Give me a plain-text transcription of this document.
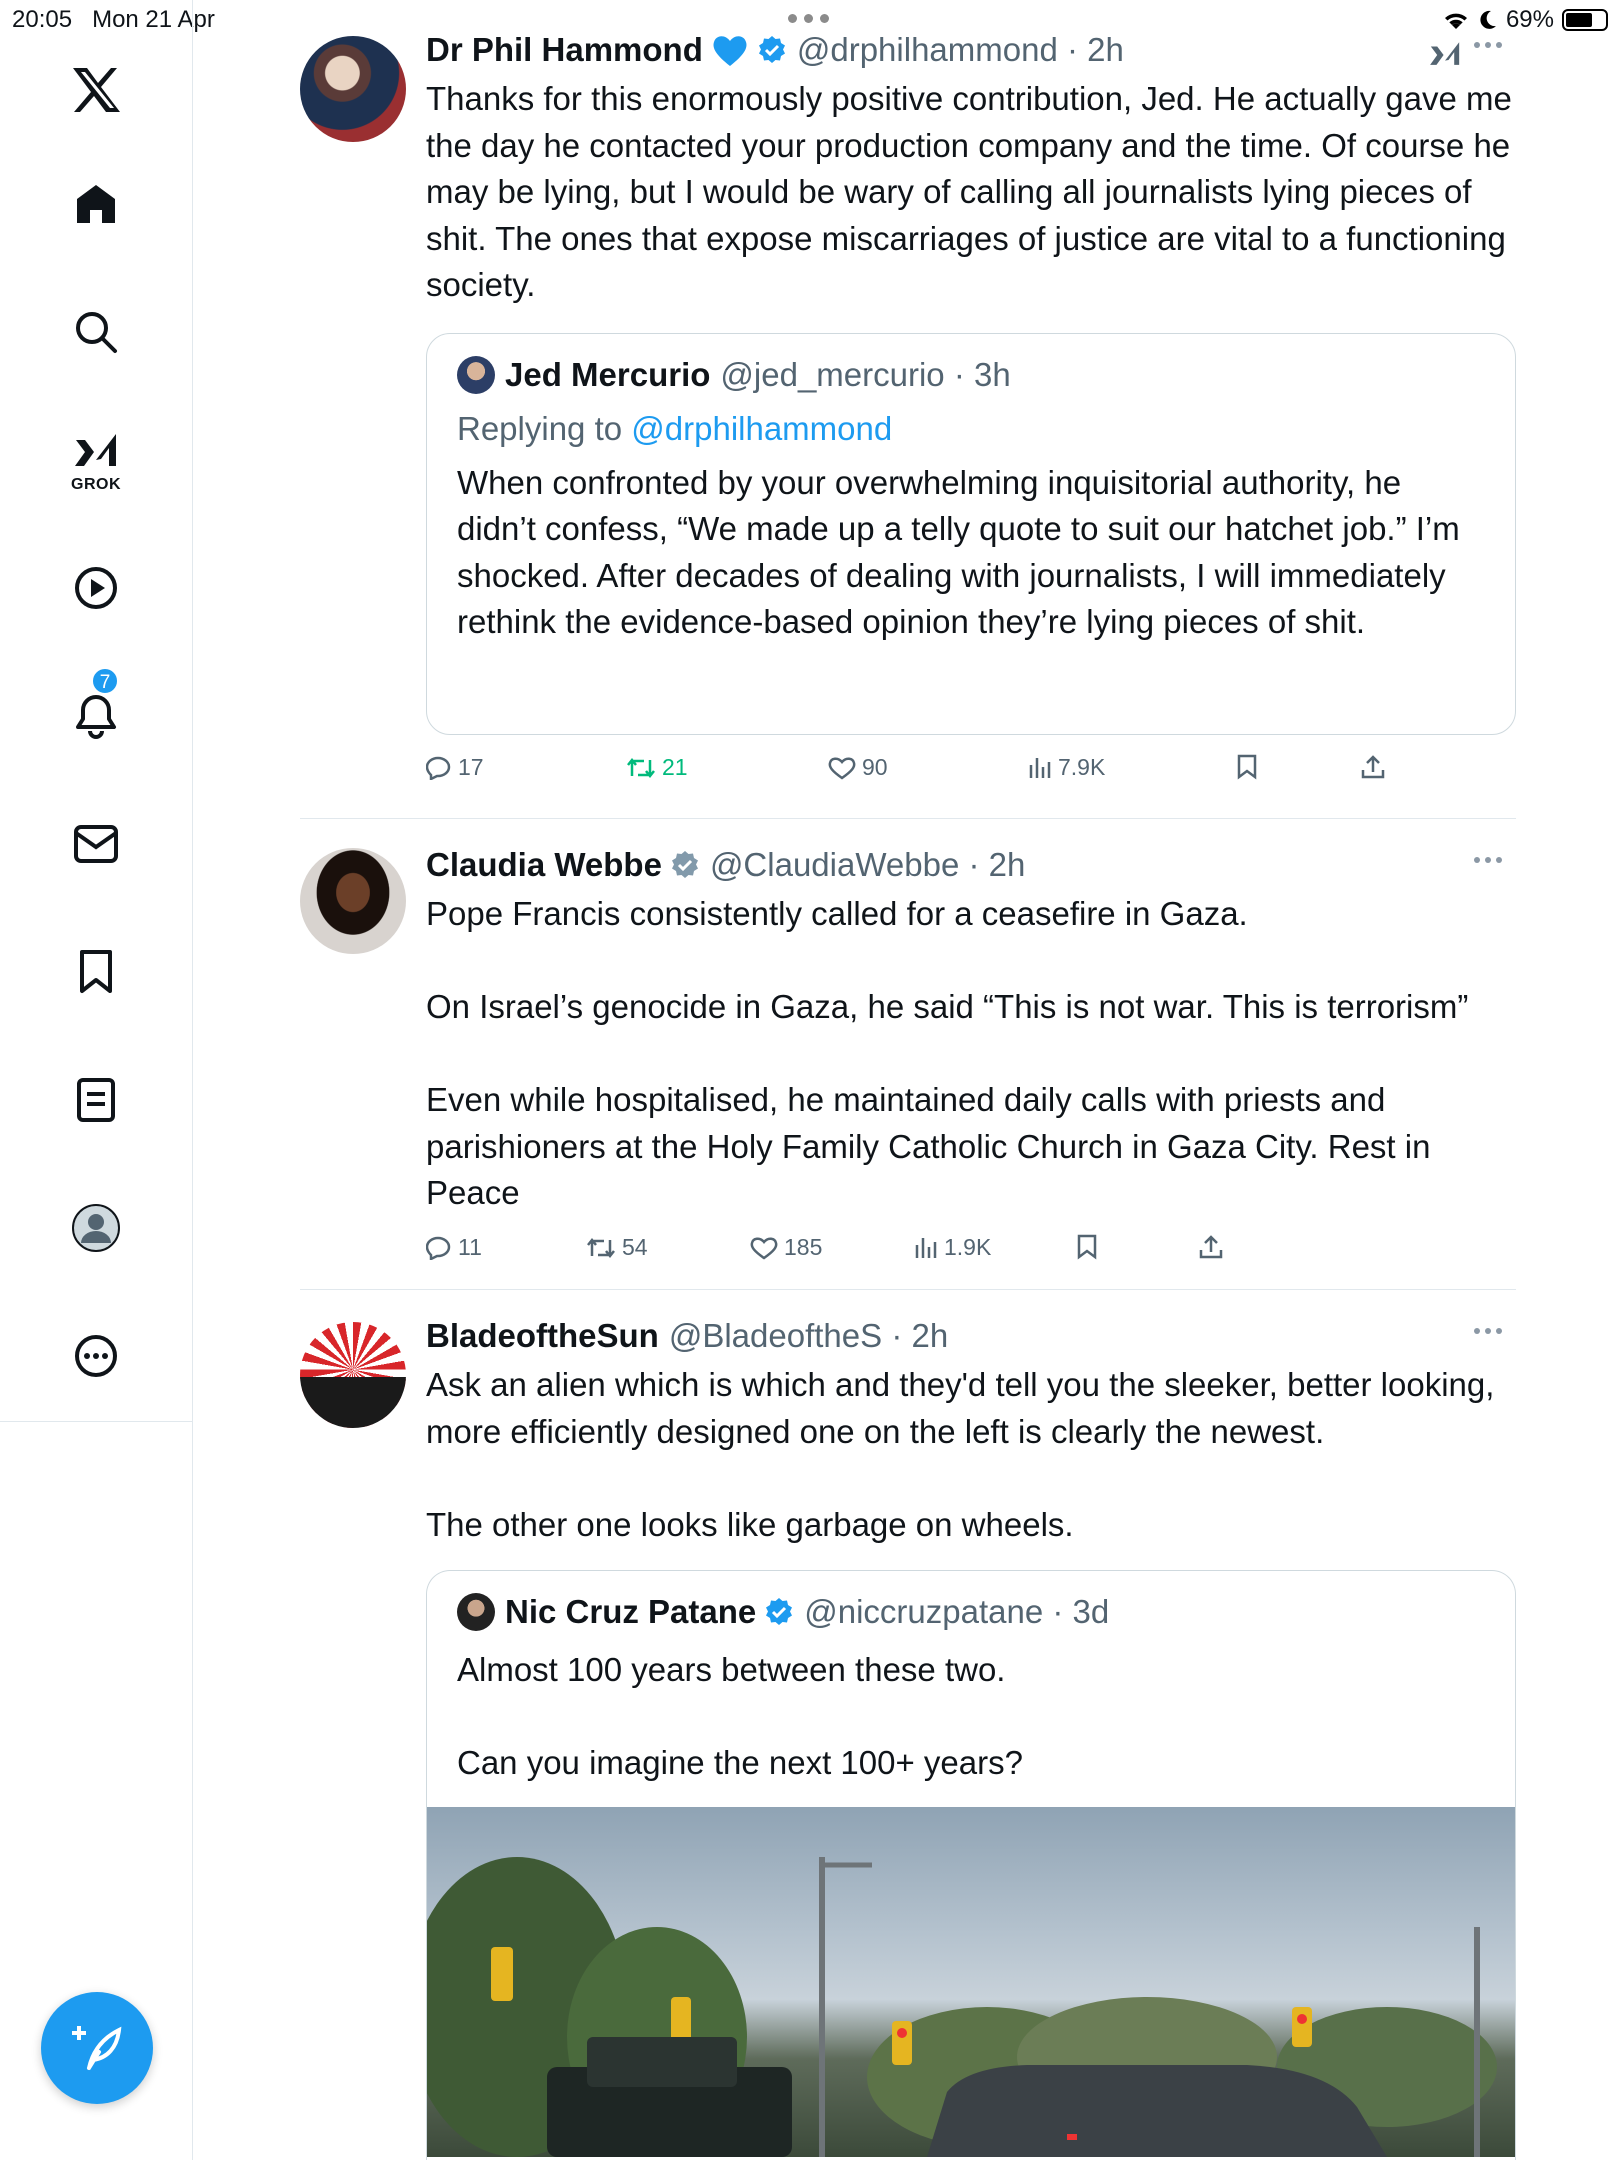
20:05 Mon 21 Apr	69%
GROK
7
Dr Phil Hammond	@drphilhammond · 2h
Thanks for this enormously positive contribution, Jed. He actually gave me the day he contacted your production company and the time. Of course he may be lying, but I would be wary of calling all journalists lying pieces of shit. The ones that expose miscarriages of justice are vital to a functioning society.
Jed Mercurio @jed_mercurio · 3h
Replying to @drphilhammond
When confronted by your overwhelming inquisitorial authority, he didn’t confess, “We made up a telly quote to suit our hatchet job.” I’m shocked. After decades of dealing with journalists, I will immediately rethink the evidence-based opinion they’re lying pieces of shit.
17	21	90	7.9K
Claudia Webbe @ClaudiaWebbe · 2h
Pope Francis consistently called for a ceasefire in Gaza.

On Israel’s genocide in Gaza, he said “This is not war. This is terrorism”

Even while hospitalised, he maintained daily calls with priests and parishioners at the Holy Family Catholic Church in Gaza City. Rest in Peace
11	54	185	1.9K
BladeoftheSun @BladeoftheS · 2h
Ask an alien which is which and they'd tell you the sleeker, better looking, more efficiently designed one on the left is clearly the newest.

The other one looks like garbage on wheels.
Nic Cruz Patane @niccruzpatane · 3d
Almost 100 years between these two.

Can you imagine the next 100+ years?
